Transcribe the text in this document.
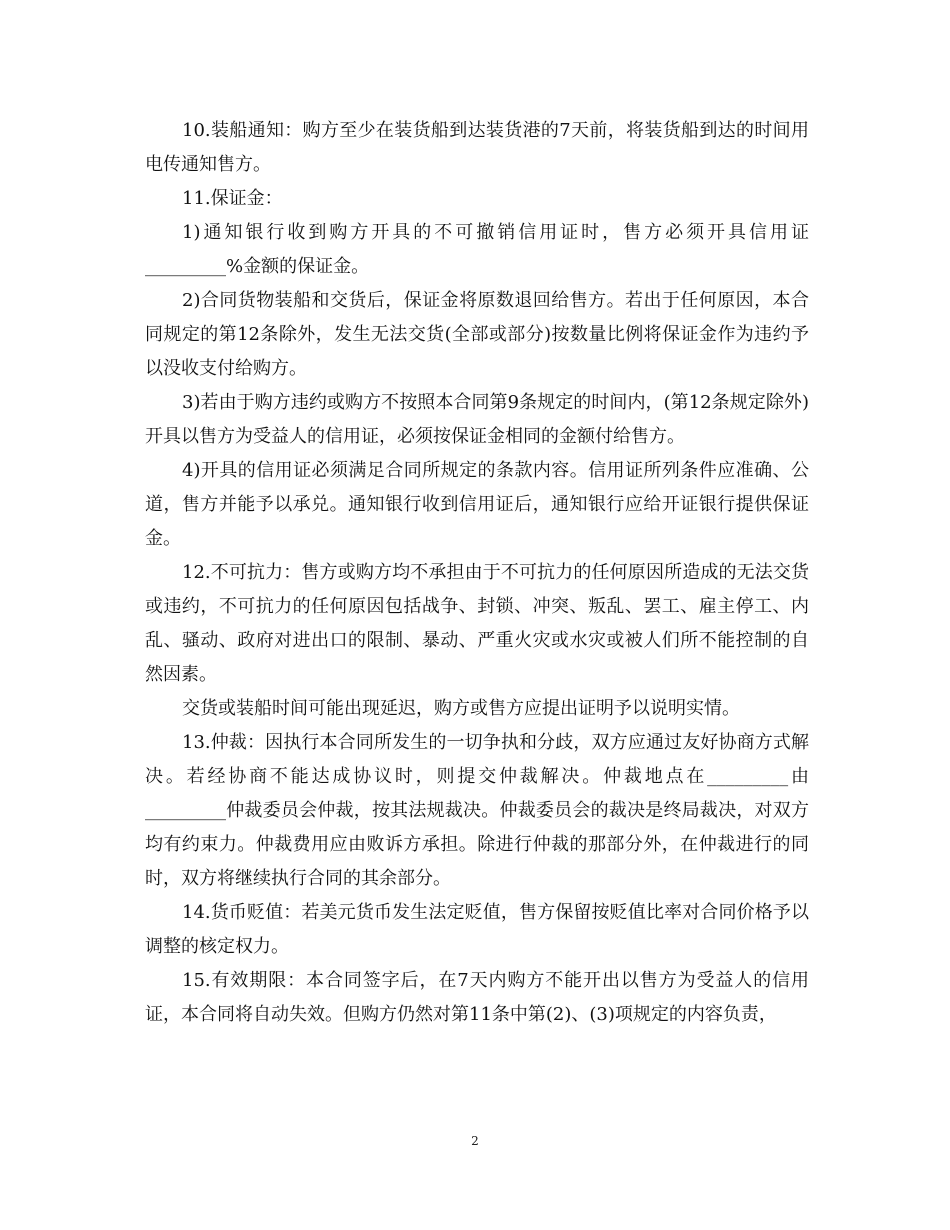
10.装船通知：购方至少在装货船到达装货港的7天前，将装货船到达的时间用电传通知售方。

11.保证金：

1)通知银行收到购方开具的不可撤销信用证时，售方必须开具信用证_________%金额的保证金。

2)合同货物装船和交货后，保证金将原数退回给售方。若出于任何原因，本合同规定的第12条除外，发生无法交货(全部或部分)按数量比例将保证金作为违约予以没收支付给购方。

3)若由于购方违约或购方不按照本合同第9条规定的时间内，(第12条规定除外)开具以售方为受益人的信用证，必须按保证金相同的金额付给售方。

4)开具的信用证必须满足合同所规定的条款内容。信用证所列条件应准确、公道，售方并能予以承兑。通知银行收到信用证后，通知银行应给开证银行提供保证金。

12.不可抗力：售方或购方均不承担由于不可抗力的任何原因所造成的无法交货或违约，不可抗力的任何原因包括战争、封锁、冲突、叛乱、罢工、雇主停工、内乱、骚动、政府对进出口的限制、暴动、严重火灾或水灾或被人们所不能控制的自然因素。

交货或装船时间可能出现延迟，购方或售方应提出证明予以说明实情。

13.仲裁：因执行本合同所发生的一切争执和分歧，双方应通过友好协商方式解决。若经协商不能达成协议时，则提交仲裁解决。仲裁地点在_________由_________仲裁委员会仲裁，按其法规裁决。仲裁委员会的裁决是终局裁决，对双方均有约束力。仲裁费用应由败诉方承担。除进行仲裁的那部分外，在仲裁进行的同时，双方将继续执行合同的其余部分。

14.货币贬值：若美元货币发生法定贬值，售方保留按贬值比率对合同价格予以调整的核定权力。

15.有效期限：本合同签字后，在7天内购方不能开出以售方为受益人的信用证，本合同将自动失效。但购方仍然对第11条中第(2)、(3)项规定的内容负责，

2
